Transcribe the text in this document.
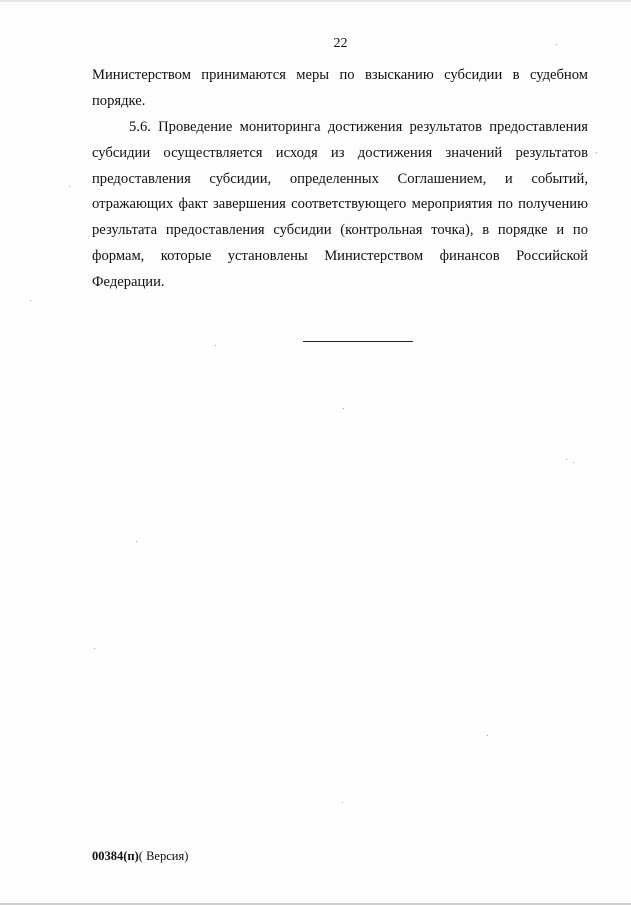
22

Министерством принимаются меры по взысканию субсидии в судебном порядке.

5.6. Проведение мониторинга достижения результатов предоставления субсидии осуществляется исходя из достижения значений результатов предоставления субсидии, определенных Соглашением, и событий, отражающих факт завершения соответствующего мероприятия по получению результата предоставления субсидии (контрольная точка), в порядке и по формам, которые установлены Министерством финансов Российской Федерации.

00384(п)( Версия)
